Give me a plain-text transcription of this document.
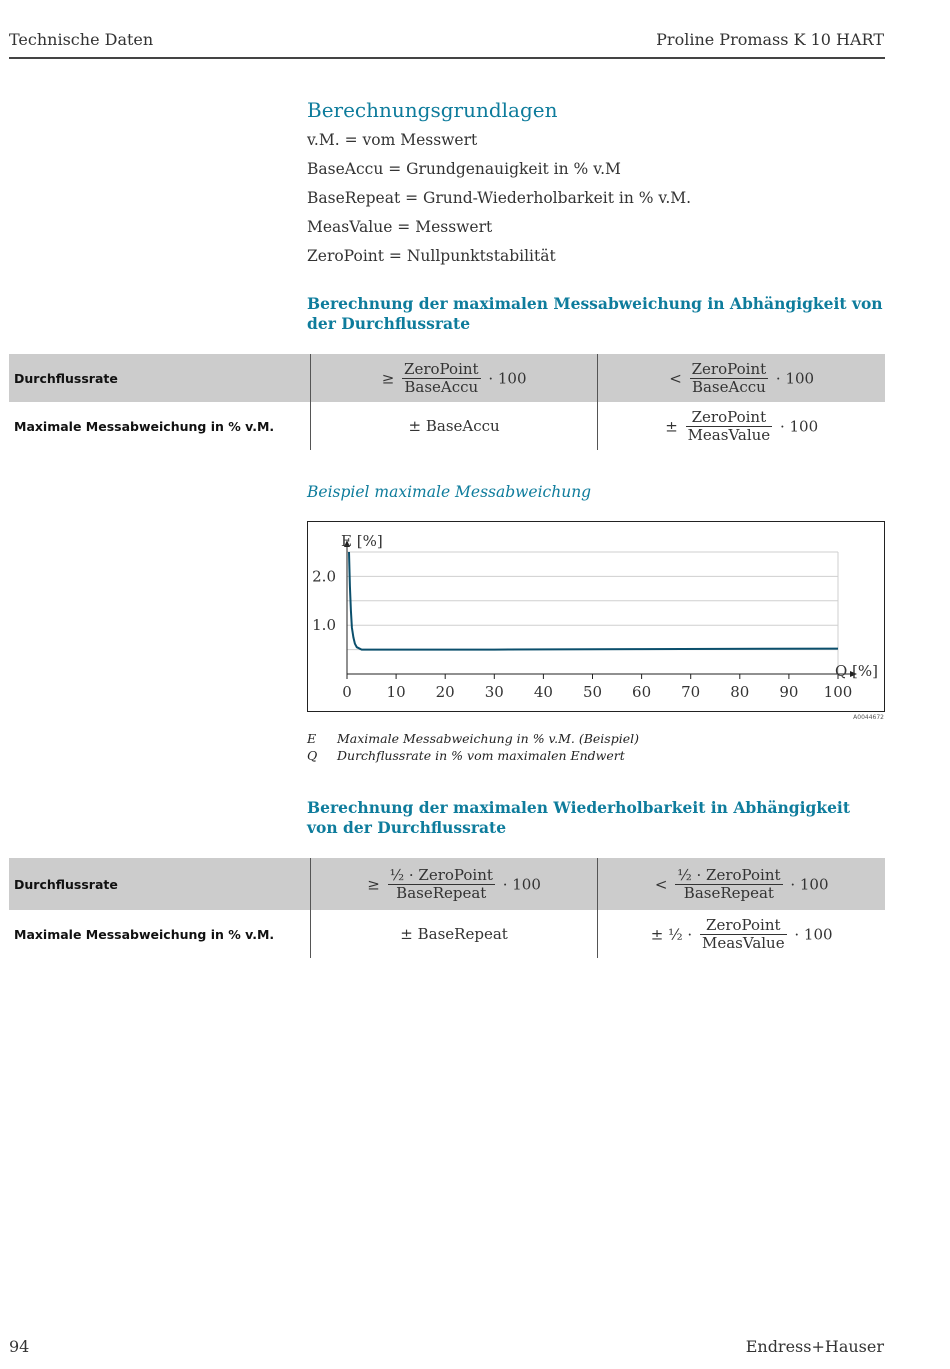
Technische Daten	Proline Promass K 10 HART
Berechnungsgrundlagen
v.M. = vom Messwert
BaseAccu = Grundgenauigkeit in % v.M
BaseRepeat = Grund-Wiederholbarkeit in % v.M.
MeasValue = Messwert
ZeroPoint = Nullpunktstabilität
Berechnung der maximalen Messabweichung in Abhängigkeit von der Durchflussrate
Durchflussrate	≥ $\frac{\text{ZeroPoint}}{\text{BaseAccu}} \cdot 100$	< $\frac{\text{ZeroPoint}}{\text{BaseAccu}} \cdot 100$
Maximale Messabweichung in % v.M.	± BaseAccu	± $\frac{\text{ZeroPoint}}{\text{MeasValue}} \cdot 100$
Beispiel maximale Messabweichung
0 10 20 30 40 50 60 70 80 90 100
1.0
2.0
E [%]
Q [%]
A0044672
E Maximale Messabweichung in % v.M. (Beispiel)
Q Durchflussrate in % vom maximalen Endwert
Berechnung der maximalen Wiederholbarkeit in Abhängigkeit von der Durchflussrate
Durchflussrate	≥ $\frac{\text{½ · ZeroPoint}}{\text{BaseRepeat}} \cdot 100$	< $\frac{\text{½ · ZeroPoint}}{\text{BaseRepeat}} \cdot 100$
Maximale Messabweichung in % v.M.	± BaseRepeat	± ½ · $\frac{\text{ZeroPoint}}{\text{MeasValue}} \cdot 100$
94	Endress+Hauser
